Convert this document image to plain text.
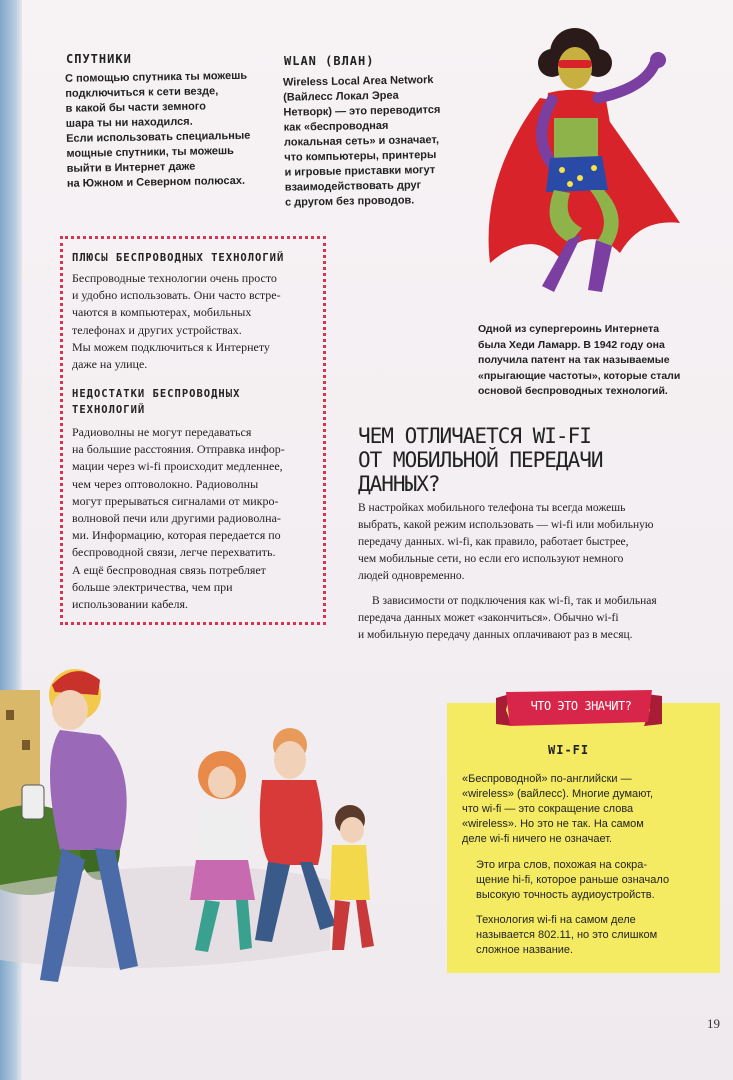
СПУТНИКИ

С помощью спутника ты можешь
подключиться к сети везде,
в какой бы части земного
шара ты ни находился.
Если использовать специальные
мощные спутники, ты можешь
выйти в Интернет даже
на Южном и Северном полюсах.

WLAN (ВЛАН)

Wireless Local Area Network
(Вайлесс Локал Эреа
Нетворк) — это переводится
как «беспроводная
локальная сеть» и означает,
что компьютеры, принтеры
и игровые приставки могут
взаимодействовать друг
с другом без проводов.

ПЛЮСЫ БЕСПРОВОДНЫХ ТЕХНОЛОГИЙ

Беспроводные технологии очень просто
и удобно использовать. Они часто встре-
чаются в компьютерах, мобильных
телефонах и других устройствах.
Мы можем подключиться к Интернету
даже на улице.

НЕДОСТАТКИ БЕСПРОВОДНЫХ
ТЕХНОЛОГИЙ

Радиоволны не могут передаваться
на большие расстояния. Отправка инфор-
мации через wi-fi происходит медленнее,
чем через оптоволокно. Радиоволны
могут прерываться сигналами от микро-
волновой печи или другими радиоволна-
ми. Информацию, которая передается по
беспроводной связи, легче перехватить.
А ещё беспроводная связь потребляет
больше электричества, чем при
использовании кабеля.

Одной из супергероинь Интернета
была Хеди Ламарр. В 1942 году она
получила патент на так называемые
«прыгающие частоты», которые стали
основой беспроводных технологий.

ЧЕМ ОТЛИЧАЕТСЯ WI-FI
ОТ МОБИЛЬНОЙ ПЕРЕДАЧИ
ДАННЫХ?

В настройках мобильного телефона ты всегда можешь
выбрать, какой режим использовать — wi-fi или мобильную
передачу данных. wi-fi, как правило, работает быстрее,
чем мобильные сети, но если его используют немного
людей одновременно.

В зависимости от подключения как wi-fi, так и мобильная
передача данных может «закончиться». Обычно wi-fi
и мобильную передачу данных оплачивают раз в месяц.

ЧТО ЭТО ЗНАЧИТ?
WI-FI

«Беспроводной» по-английски —
«wireless» (вайлесс). Многие думают,
что wi-fi — это сокращение слова
«wireless». Но это не так. На самом
деле wi-fi ничего не означает.

Это игра слов, похожая на сокра-
щение hi-fi, которое раньше означало
высокую точность аудиоустройств.

Технология wi-fi на самом деле
называется 802.11, но это слишком
сложное название.

19
